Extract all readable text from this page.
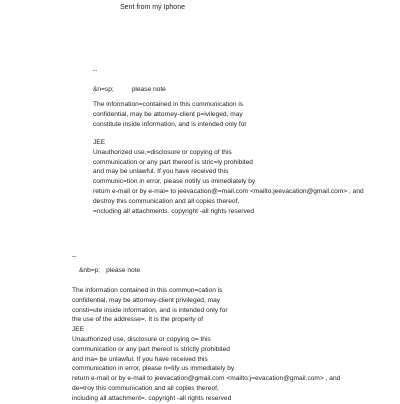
Sent from my Iphone
--
&n=sp;	please note
The information=contained in this communication is
confidential, may be attorney-client p=ivileged, may
constitute inside information, and is intended only for
JEE
Unauthorized use,=disclosure or copying of this
communication or any part thereof is stric=ly prohibited
and may be unlawful. If you have received this
communic=tion in error, please notify us immediately by
return e-mail or by e-mai= to jeevacation@=mail.com <mailto:jeevacation@gmail.com> , and
destroy this communication and all copies thereof,
=ncluding all attachments. copyright -all rights reserved
--
&nb=p; please note
The information contained in this commun=cation is
confidential, may be attorney-client privileged, may
consti=ute inside information, and is intended only for
the use of the addresse=. It is the property of
JEE
Unauthorized use, disclosure or copying o= this
communication or any part thereof is strictly prohibited
and ma= be unlawful. If you have received this
communication in error, please n=tify us immediately by
return e-mail or by e-mail to jeevacation@gmail.com <mailto:j=evacation@gmail.com> , and
de=troy this communication and all copies thereof,
including all attachment=. copyright -all rights reserved
